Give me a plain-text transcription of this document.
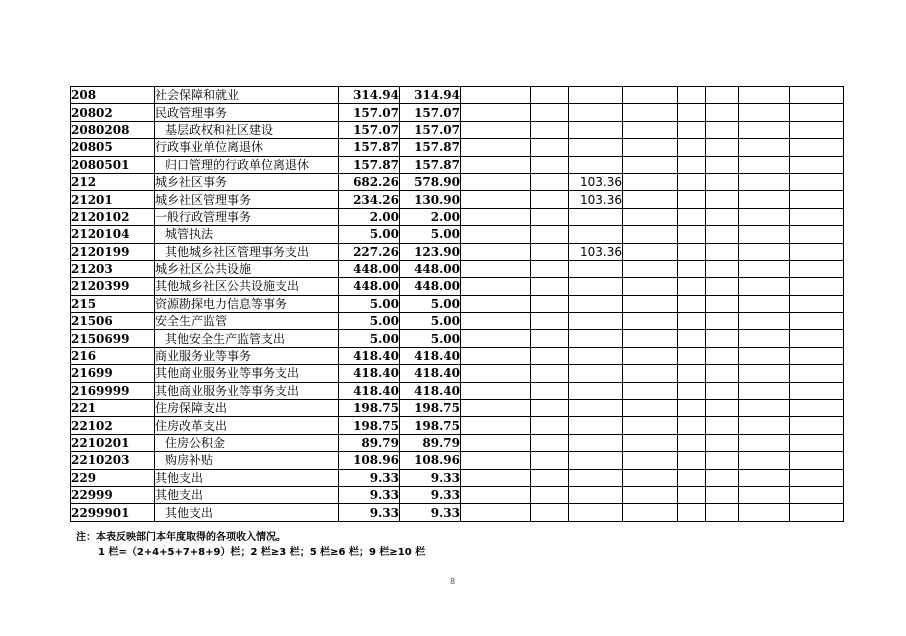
208	社会保障和就业	314.94	314.94								
20802	民政管理事务	157.07	157.07								
2080208	基层政权和社区建设	157.07	157.07								
20805	行政事业单位离退休	157.87	157.87								
2080501	归口管理的行政单位离退休	157.87	157.87								
212	城乡社区事务	682.26	578.90			103.36					
21201	城乡社区管理事务	234.26	130.90			103.36					
2120102	一般行政管理事务	2.00	2.00								
2120104	城管执法	5.00	5.00								
2120199	其他城乡社区管理事务支出	227.26	123.90			103.36					
21203	城乡社区公共设施	448.00	448.00								
2120399	其他城乡社区公共设施支出	448.00	448.00								
215	资源勘探电力信息等事务	5.00	5.00								
21506	安全生产监管	5.00	5.00								
2150699	其他安全生产监管支出	5.00	5.00								
216	商业服务业等事务	418.40	418.40								
21699	其他商业服务业等事务支出	418.40	418.40								
2169999	其他商业服务业等事务支出	418.40	418.40								
221	住房保障支出	198.75	198.75								
22102	住房改革支出	198.75	198.75								
2210201	住房公积金	89.79	89.79								
2210203	购房补贴	108.96	108.96								
229	其他支出	9.33	9.33								
22999	其他支出	9.33	9.33								
2299901	其他支出	9.33	9.33								
注：本表反映部门本年度取得的各项收入情况。
1 栏=（2+4+5+7+8+9）栏；2 栏≥3 栏；5 栏≥6 栏；9 栏≥10 栏
8
